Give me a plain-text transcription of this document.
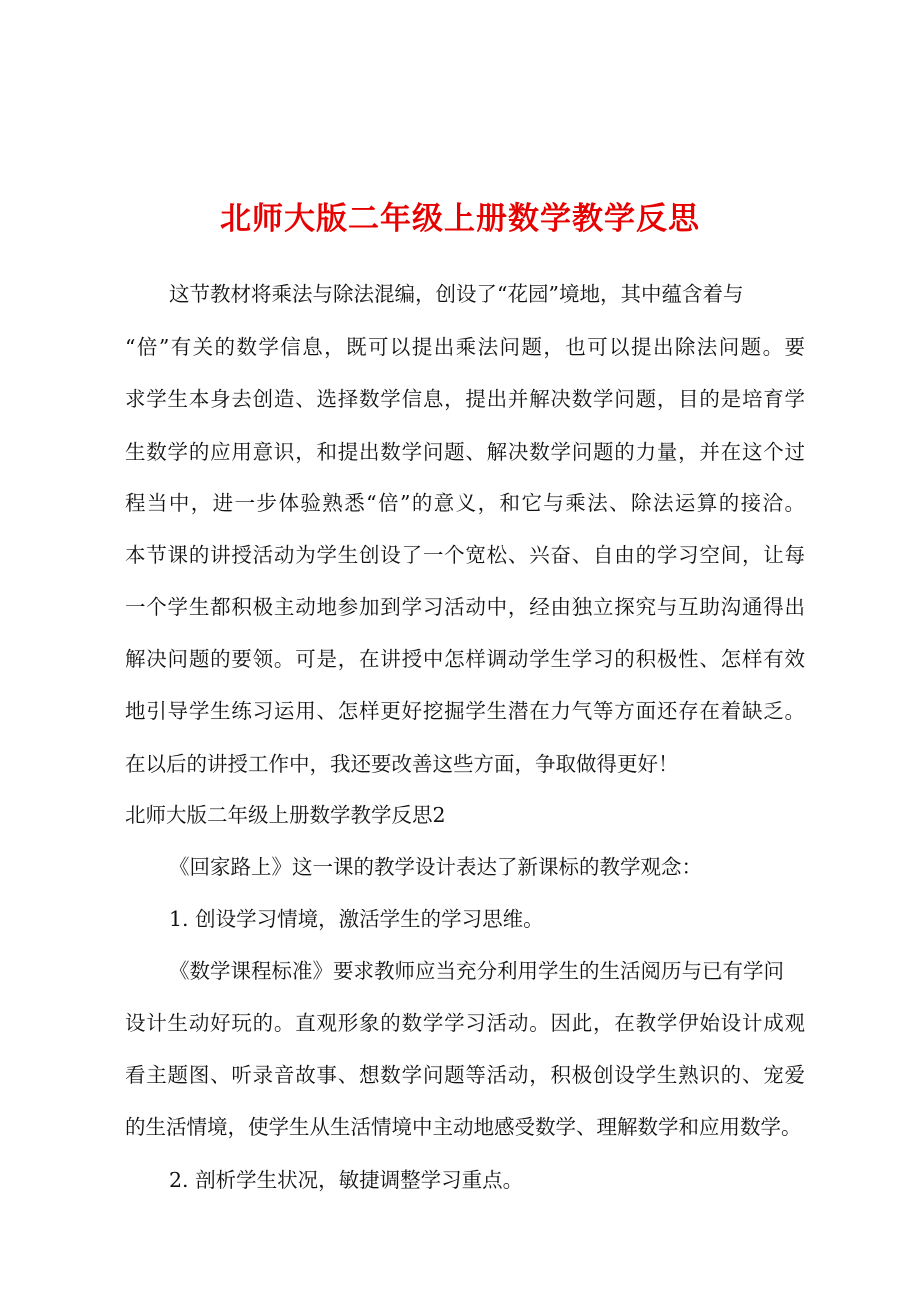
北师大版二年级上册数学教学反思
这节教材将乘法与除法混编，创设了“花园”境地，其中蕴含着与
“倍”有关的数学信息，既可以提出乘法问题，也可以提出除法问题。要
求学生本身去创造、选择数学信息，提出并解决数学问题，目的是培育学
生数学的应用意识，和提出数学问题、解决数学问题的力量，并在这个过
程当中，进一步体验熟悉“倍”的意义，和它与乘法、除法运算的接洽。
本节课的讲授活动为学生创设了一个宽松、兴奋、自由的学习空间，让每
一个学生都积极主动地参加到学习活动中，经由独立探究与互助沟通得出
解决问题的要领。可是，在讲授中怎样调动学生学习的积极性、怎样有效
地引导学生练习运用、怎样更好挖掘学生潜在力气等方面还存在着缺乏。
在以后的讲授工作中，我还要改善这些方面，争取做得更好！
北师大版二年级上册数学教学反思2
《回家路上》这一课的教学设计表达了新课标的教学观念：
1. 创设学习情境，激活学生的学习思维。
《数学课程标准》要求教师应当充分利用学生的生活阅历与已有学问
设计生动好玩的。直观形象的数学学习活动。因此，在教学伊始设计成观
看主题图、听录音故事、想数学问题等活动，积极创设学生熟识的、宠爱
的生活情境，使学生从生活情境中主动地感受数学、理解数学和应用数学。
2. 剖析学生状况，敏捷调整学习重点。
